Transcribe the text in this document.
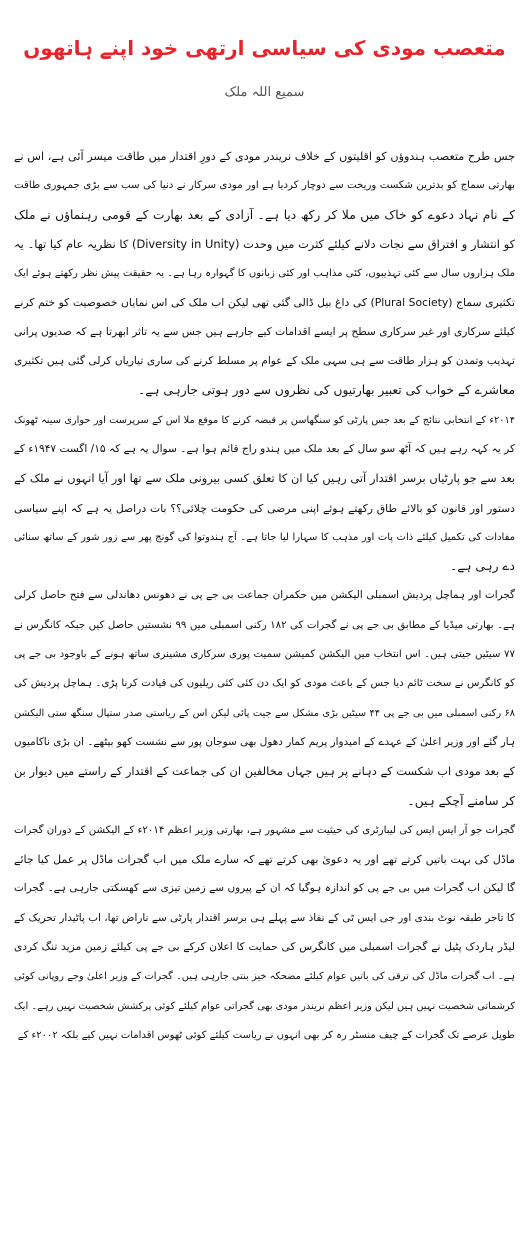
متعصب مودی کی سیاسی ارتھی خود اپنے ہاتھوں
سمیع اللہ ملک
جس طرح متعصب ہندوؤں کو اقلیتوں کے خلاف نریندر مودی کے دورِ اقتدار میں طاقت میسر آئی ہے، اس نے
بھارتی سماج کو بدترین شکست وریخت سے دوچار کردیا ہے اور مودی سرکار نے دنیا کی سب سے بڑی جمہوری طاقت
کے نام نہاد دعوے کو خاک میں ملا کر رکھ دیا ہے۔ آزادی کے بعد بھارت کے قومی رہنماؤں نے ملک
کو انتشار و افتراق سے نجات دلانے کیلئے کثرت میں وحدت (Diversity in Unity) کا نظریہ عام کیا تھا۔ یہ
ملک ہزاروں سال سے کئی تہذیبوں، کئی مذاہب اور کئی زبانوں کا گہوارہ رہا ہے۔ یہ حقیقت پیش نظر رکھتے ہوئے ایک
تکثیری سماج (Plural Society) کی داغ بیل ڈالی گئی تھی لیکن اب ملک کی اس نمایاں خصوصیت کو ختم کرنے
کیلئے سرکاری اور غیر سرکاری سطح پر ایسے اقدامات کیے جارہے ہیں جس سے یہ تاثر ابھرتا ہے کہ صدیوں پرانی
تہذیب وتمدن کو ہزار طاقت سے ہی سہی ملک کے عوام پر مسلط کرنے کی ساری تیاریاں کرلی گئی ہیں تکثیری
معاشرے کے خواب کی تعبیر بھارتیوں کی نظروں سے دور ہوتی جارہی ہے۔
۲۰۱۴ء کے انتخابی نتائج کے بعد جس پارٹی کو سنگھاسن پر قبضہ کرنے کا موقع ملا اس کے سرپرست اور حواری سینہ ٹھونک
کر یہ کہہ رہے ہیں کہ آٹھ سو سال کے بعد ملک میں ہندو راج قائم ہوا ہے۔ سوال یہ ہے کہ ۱۵/ اگست ۱۹۴۷ء کے
بعد سے جو پارٹیاں برسر اقتدار آتی رہیں کیا ان کا تعلق کسی بیرونی ملک سے تھا اور آیا انہوں نے ملک کے
دستور اور قانون کو بالائے طاق رکھتے ہوئے اپنی مرضی کی حکومت چلائی؟؟ بات دراصل یہ ہے کہ اپنے سیاسی
مفادات کی تکمیل کیلئے ذات پات اور مذہب کا سہارا لیا جاتا ہے۔ آج ہندوتوا کی گونج پھر سے زور شور کے ساتھ سنائی
دے رہی ہے۔
گجرات اور ہماچل پردیش اسمبلی الیکشن میں حکمران جماعت بی جے پی نے دھونس دھاندلی سے فتح حاصل کرلی
ہے۔ بھارتی میڈیا کے مطابق بی جے پی نے گجرات کی ۱۸۲ رکنی اسمبلی میں ۹۹ نشستیں حاصل کیں جبکہ کانگرس نے
۷۷ سیٹیں جیتی ہیں۔ اس انتخاب میں الیکشن کمیشن سمیت پوری سرکاری مشینری ساتھ ہونے کے باوجود بی جے پی
کو کانگرس نے سخت ٹائم دیا جس کے باعث مودی کو ایک دن کئی کئی ریلیوں کی قیادت کرنا پڑی۔ ہماچل پردیش کی
۶۸ رکنی اسمبلی میں بی جے پی ۴۴ سیٹیں بڑی مشکل سے جیت پائی لیکن اس کے ریاستی صدر ستپال سنگھ ستی الیکشن
ہار گئے اور وزیر اعلیٰ کے عہدے کے امیدوار پریم کمار دھول بھی سوجان پور سے نشست کھو بیٹھے۔ ان بڑی ناکامیوں
کے بعد مودی اب شکست کے دہانے پر ہیں جہاں مخالفین ان کی جماعت کے اقتدار کے راستے میں دیوار بن
کر سامنے آچکے ہیں۔
گجرات جو آر ایس ایس کی لیبارٹری کی حیثیت سے مشہور ہے، بھارتی وزیر اعظم ۲۰۱۴ء کے الیکشن کے دوران گجرات
ماڈل کی بہت باتیں کرتے تھے اور یہ دعویٰ بھی کرتے تھے کہ سارے ملک میں اب گجرات ماڈل پر عمل کیا جائے
گا لیکن اب گجرات میں بی جے پی کو اندازہ ہوگیا کہ ان کے پیروں سے زمین تیزی سے کھسکتی جارہی ہے۔ گجرات
کا تاجر طبقہ نوٹ بندی اور جی ایس ٹی کے نفاذ سے پہلے ہی برسر اقتدار پارٹی سے ناراض تھا، اب پاٹیدار تحریک کے
لیڈر ہاردک پٹیل نے گجرات اسمبلی میں کانگرس کی حمایت کا اعلان کرکے بی جے پی کیلئے زمین مزید تنگ کردی
ہے۔ اب گجرات ماڈل کی ترقی کی باتیں عوام کیلئے مضحکہ خیز بنتی جارہی ہیں۔ گجرات کے وزیر اعلیٰ وجے روپانی کوئی
کرشماتی شخصیت نہیں ہیں لیکن وزیر اعظم نریندر مودی بھی گجراتی عوام کیلئے کوئی پرکشش شخصیت نہیں رہے۔ ایک
طویل عرصے تک گجرات کے چیف منسٹر رہ کر بھی انہوں نے ریاست کیلئے کوئی ٹھوس اقدامات نہیں کیے بلکہ ۲۰۰۲ء کے
